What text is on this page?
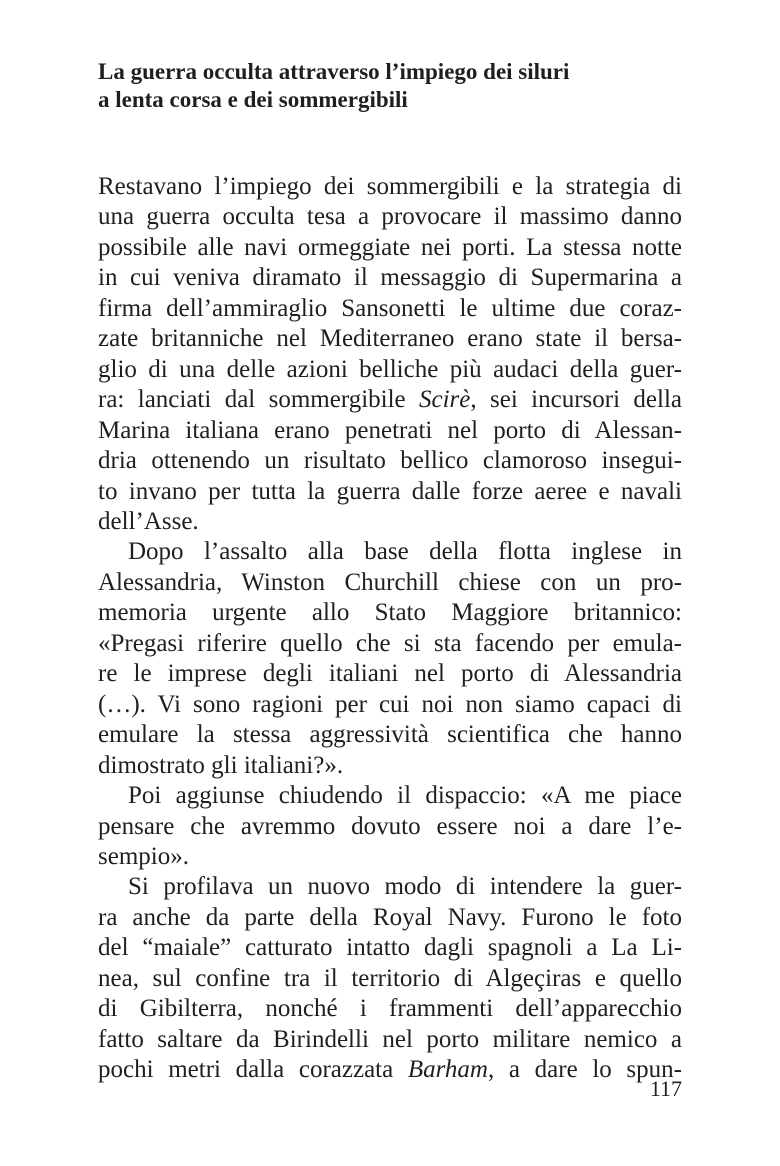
La guerra occulta attraverso l’impiego dei siluri
a lenta corsa e dei sommergibili
Restavano l’impiego dei sommergibili e la strategia di
una guerra occulta tesa a provocare il massimo danno
possibile alle navi ormeggiate nei porti. La stessa notte
in cui veniva diramato il messaggio di Supermarina a
firma dell’ammiraglio Sansonetti le ultime due coraz-
zate britanniche nel Mediterraneo erano state il bersa-
glio di una delle azioni belliche più audaci della guer-
ra: lanciati dal sommergibile Scirè, sei incursori della
Marina italiana erano penetrati nel porto di Alessan-
dria ottenendo un risultato bellico clamoroso insegui-
to invano per tutta la guerra dalle forze aeree e navali
dell’Asse.
Dopo l’assalto alla base della flotta inglese in
Alessandria, Winston Churchill chiese con un pro-
memoria urgente allo Stato Maggiore britannico:
«Pregasi riferire quello che si sta facendo per emula-
re le imprese degli italiani nel porto di Alessandria
(…). Vi sono ragioni per cui noi non siamo capaci di
emulare la stessa aggressività scientifica che hanno
dimostrato gli italiani?».
Poi aggiunse chiudendo il dispaccio: «A me piace
pensare che avremmo dovuto essere noi a dare l’e-
sempio».
Si profilava un nuovo modo di intendere la guer-
ra anche da parte della Royal Navy. Furono le foto
del “maiale” catturato intatto dagli spagnoli a La Li-
nea, sul confine tra il territorio di Algeçiras e quello
di Gibilterra, nonché i frammenti dell’apparecchio
fatto saltare da Birindelli nel porto militare nemico a
pochi metri dalla corazzata Barham, a dare lo spun-
117
